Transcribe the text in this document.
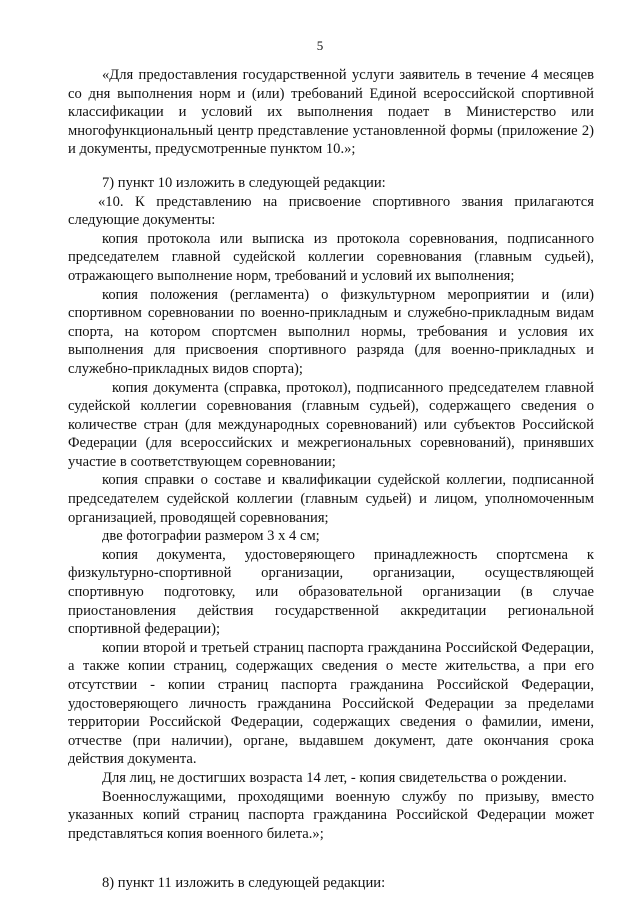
5

«Для предоставления государственной услуги заявитель в течение 4 месяцев со дня выполнения норм и (или) требований Единой всероссийской спортивной классификации и условий их выполнения подает в Министерство или многофункциональный центр представление установленной формы (приложение 2) и документы, предусмотренные пунктом 10.»;

7) пункт 10 изложить в следующей редакции:

«10. К представлению на присвоение спортивного звания прилагаются следующие документы:

копия протокола или выписка из протокола соревнования, подписанного председателем главной судейской коллегии соревнования (главным судьей), отражающего выполнение норм, требований и условий их выполнения;

копия положения (регламента) о физкультурном мероприятии и (или) спортивном соревновании по военно-прикладным и служебно-прикладным видам спорта, на котором спортсмен выполнил нормы, требования и условия их выполнения для присвоения спортивного разряда (для военно-прикладных и служебно-прикладных видов спорта);

копия документа (справка, протокол), подписанного председателем главной судейской коллегии соревнования (главным судьей), содержащего сведения о количестве стран (для международных соревнований) или субъектов Российской Федерации (для всероссийских и межрегиональных соревнований), принявших участие в соответствующем соревновании;

копия справки о составе и квалификации судейской коллегии, подписанной председателем судейской коллегии (главным судьей) и лицом, уполномоченным организацией, проводящей соревнования;

две фотографии размером 3 х 4 см;

копия документа, удостоверяющего принадлежность спортсмена к физкультурно-спортивной организации, организации, осуществляющей спортивную подготовку, или образовательной организации (в случае приостановления действия государственной аккредитации региональной спортивной федерации);

копии второй и третьей страниц паспорта гражданина Российской Федерации, а также копии страниц, содержащих сведения о месте жительства, а при его отсутствии - копии страниц паспорта гражданина Российской Федерации, удостоверяющего личность гражданина Российской Федерации за пределами территории Российской Федерации, содержащих сведения о фамилии, имени, отчестве (при наличии), органе, выдавшем документ, дате окончания срока действия документа.

Для лиц, не достигших возраста 14 лет, - копия свидетельства о рождении.

Военнослужащими, проходящими военную службу по призыву, вместо указанных копий страниц паспорта гражданина Российской Федерации может представляться копия военного билета.»;

8) пункт 11 изложить в следующей редакции:
